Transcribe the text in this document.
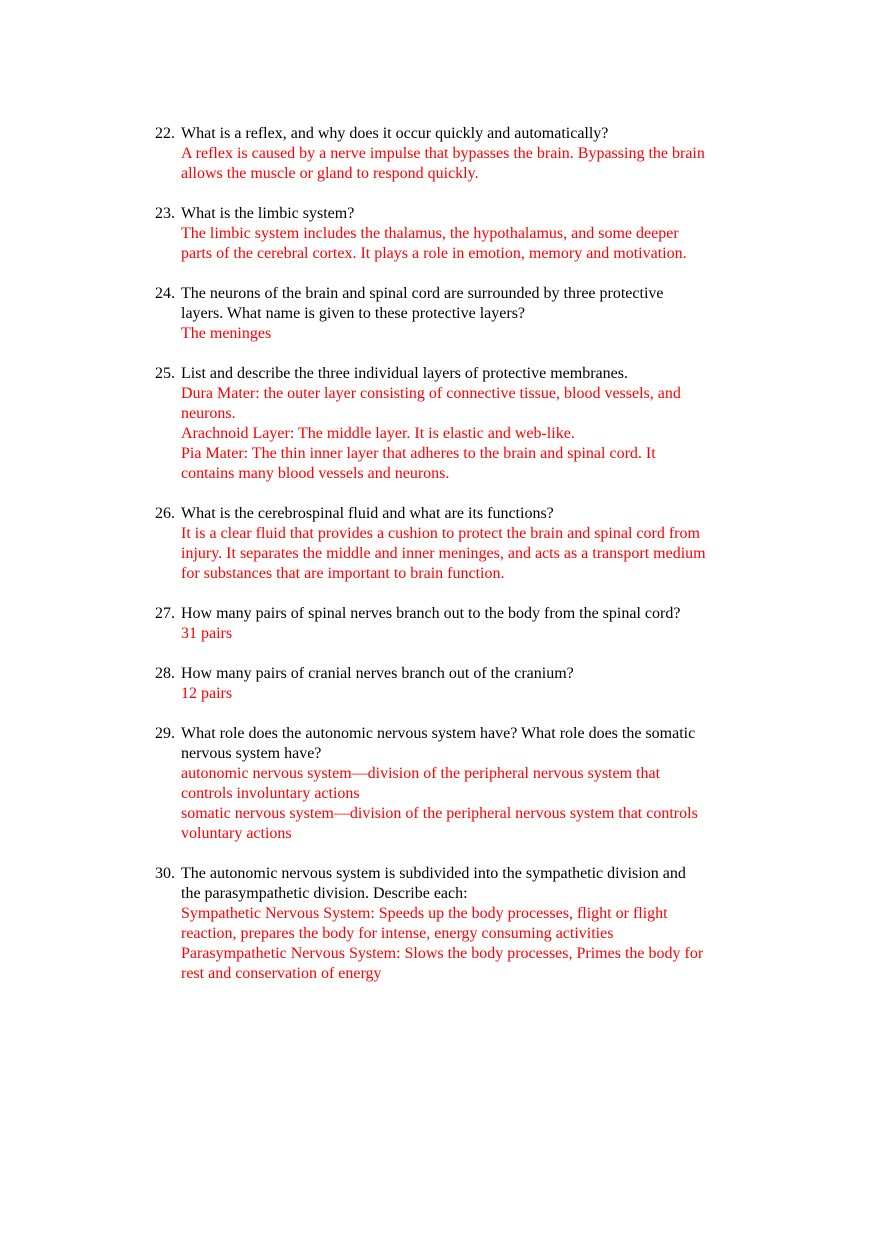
22. What is a reflex, and why does it occur quickly and automatically?
A reflex is caused by a nerve impulse that bypasses the brain. Bypassing the brain
allows the muscle or gland to respond quickly.
23. What is the limbic system?
The limbic system includes the thalamus, the hypothalamus, and some deeper
parts of the cerebral cortex. It plays a role in emotion, memory and motivation.
24. The neurons of the brain and spinal cord are surrounded by three protective
layers. What name is given to these protective layers?
The meninges
25. List and describe the three individual layers of protective membranes.
Dura Mater: the outer layer consisting of connective tissue, blood vessels, and
neurons.
Arachnoid Layer: The middle layer. It is elastic and web-like.
Pia Mater: The thin inner layer that adheres to the brain and spinal cord. It
contains many blood vessels and neurons.
26. What is the cerebrospinal fluid and what are its functions?
It is a clear fluid that provides a cushion to protect the brain and spinal cord from
injury. It separates the middle and inner meninges, and acts as a transport medium
for substances that are important to brain function.
27. How many pairs of spinal nerves branch out to the body from the spinal cord?
31 pairs
28. How many pairs of cranial nerves branch out of the cranium?
12 pairs
29. What role does the autonomic nervous system have? What role does the somatic
nervous system have?
autonomic nervous system—division of the peripheral nervous system that
controls involuntary actions
somatic nervous system—division of the peripheral nervous system that controls
voluntary actions
30. The autonomic nervous system is subdivided into the sympathetic division and
the parasympathetic division. Describe each:
Sympathetic Nervous System: Speeds up the body processes, flight or flight
reaction, prepares the body for intense, energy consuming activities
Parasympathetic Nervous System: Slows the body processes, Primes the body for
rest and conservation of energy
